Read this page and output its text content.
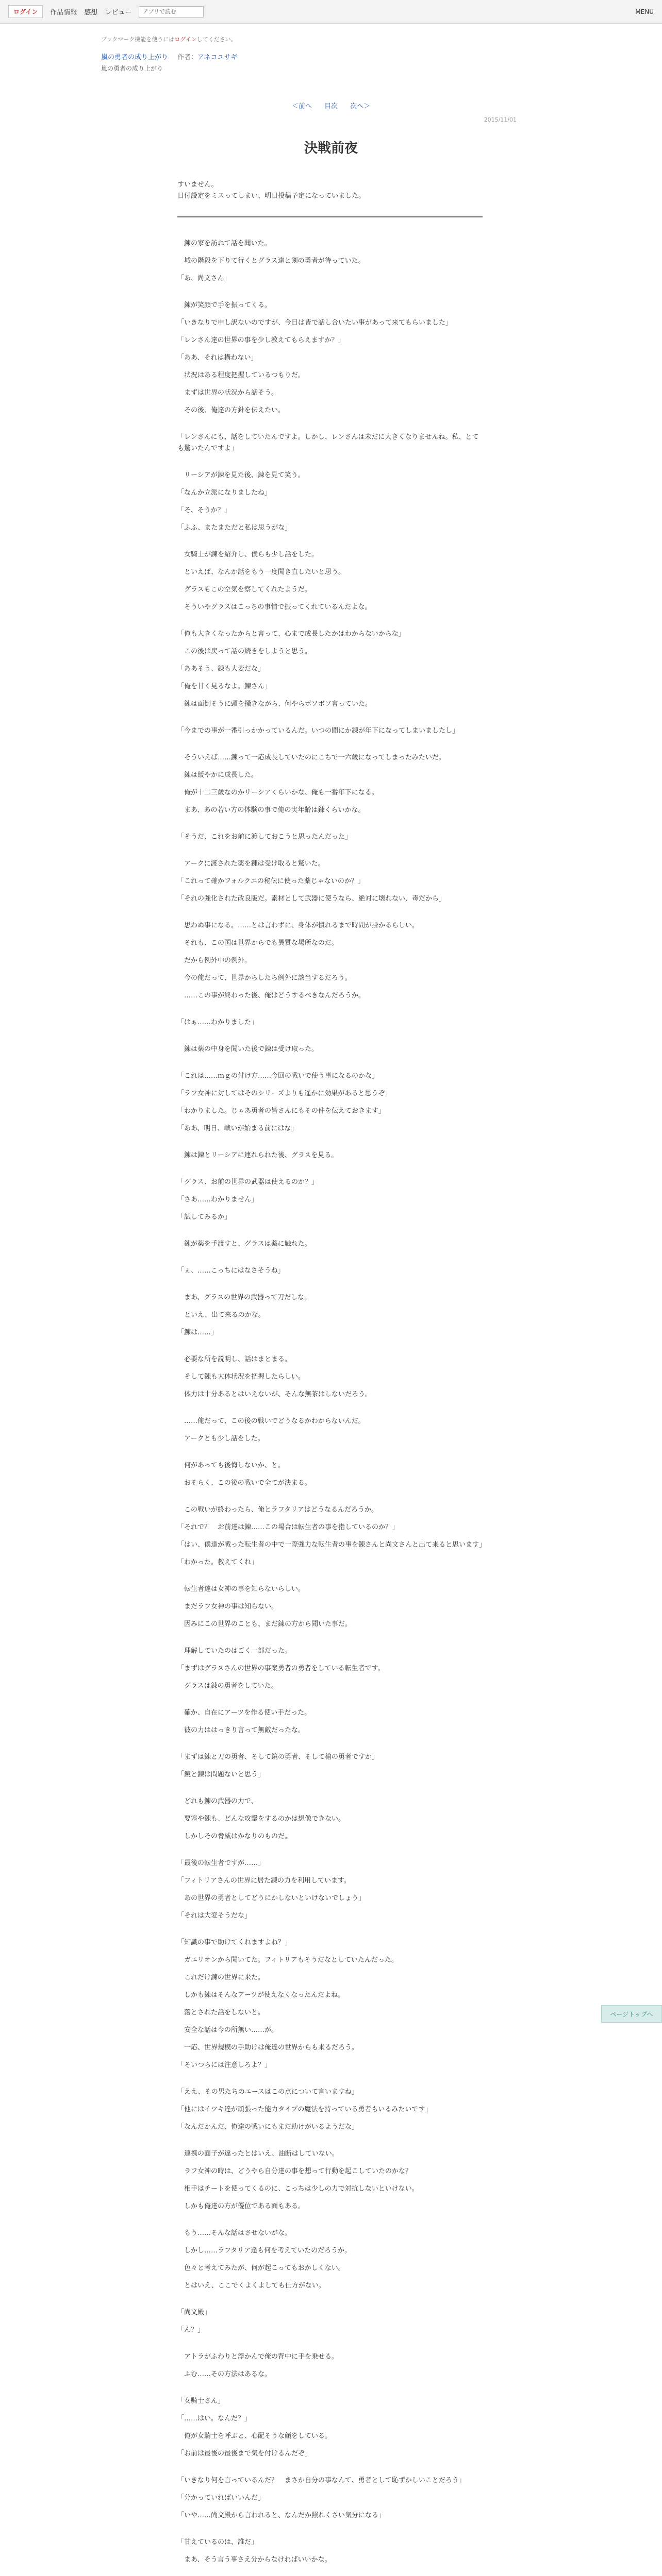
ログイン	作品情報 感想 レビュー
アプリで読む	MENU
ブックマーク機能を使うにはログインしてください。
嵐の勇者の成り上がり 作者：アネコユサギ
嵐の勇者の成り上がり
＜前へ 目次 次へ＞
2015/11/01
決戦前夜

すいません。

日付設定をミスってしまい、明日投稿予定になっていました。

　錬の家を訪ねて話を聞いた。

　城の階段を下りて行くとグラス達と剣の勇者が待っていた。

「あ、尚文さん」

　錬が笑顔で手を振ってくる。

「いきなりで申し訳ないのですが、今日は皆で話し合いたい事があって来てもらいました」

「レンさん達の世界の事を少し教えてもらえますか？」

「ああ、それは構わない」

　状況はある程度把握しているつもりだ。

　まずは世界の状況から話そう。

　その後、俺達の方針を伝えたい。

「レンさんにも、話をしていたんですよ。しかし、レンさんは未だに大きくなりませんね。私、とても驚いたんですよ」

　リーシアが錬を見た後、錬を見て笑う。

「なんか立派になりましたね」

「そ、そうか？」

「ふふ、またまただと私は思うがな」

　女騎士が錬を紹介し、僕らも少し話をした。

　といえば、なんか話をもう一度聞き直したいと思う。

　グラスもこの空気を察してくれたようだ。

　そういやグラスはこっちの事情で振ってくれているんだよな。

「俺も大きくなったからと言って、心まで成長したかはわからないからな」

　この後は戻って話の続きをしようと思う。

「ああそう、錬も大変だな」

「俺を甘く見るなよ。錬さん」

　錬は面倒そうに頭を掻きながら、何やらボソボソ言っていた。

「今までの事が一番引っかかっているんだ。いつの間にか錬が年下になってしまいましたし」

　そういえば……錬って一応成長していたのにこちで一六歳になってしまったみたいだ。

　錬は緩やかに成長した。

　俺が十二三歳なのかリーシアくらいかな、俺も一番年下になる。

　まあ、あの若い方の体験の事で俺の実年齢は錬くらいかな。

「そうだ、これをお前に渡しておこうと思ったんだった」

　アークに渡された薬を錬は受け取ると驚いた。

「これって確かフォルクエの秘伝に使った薬じゃないのか？」

「それの強化された改良版だ。素材として武器に使うなら、絶対に壊れない、毒だから」

　思わぬ事になる。……とは言わずに、身体が慣れるまで時間が掛かるらしい。

　それも、この国は世界からでも異質な場所なのだ。

　だから例外中の例外。

　今の俺だって、世界からしたら例外に該当するだろう。

　……この事が終わった後、俺はどうするべきなんだろうか。

「はぁ……わかりました」

　錬は薬の中身を聞いた後で錬は受け取った。

「これは……ｍｇの付け方……今回の戦いで使う事になるのかな」

「ラフ女神に対してはそのシリーズよりも遥かに効果があると思うぞ」

「わかりました。じゃあ勇者の皆さんにもその件を伝えておきます」

「ああ、明日、戦いが始まる前にはな」

　錬は錬とリーシアに連れられた後、グラスを見る。

「グラス、お前の世界の武器は使えるのか？」

「さあ……わかりません」

「試してみるか」

　錬が薬を手渡すと、グラスは薬に触れた。

「ぇ、……こっちにはなさそうね」

　まあ、グラスの世界の武器って刀だしな。

　といえ、出て来るのかな。

「錬は……」

　必要な所を説明し、話はまとまる。

　そして錬も大体状況を把握したらしい。

　体力は十分あるとはいえないが、そんな無茶はしないだろう。

　……俺だって、この後の戦いでどうなるかわからないんだ。

　アークとも少し話をした。

　何があっても後悔しないか、と。

　おそらく、この後の戦いで全てが決まる。

　この戦いが終わったら、俺とラフタリアはどうなるんだろうか。

「それで？　お前達は錬……この場合は転生者の事を指しているのか？」

「はい、僕達が戦った転生者の中で一際強力な転生者の事を錬さんと尚文さんと出て来ると思います」

「わかった。教えてくれ」

　転生者達は女神の事を知らないらしい。

　まだラフ女神の事は知らない。

　因みにこの世界のことも、まだ錬の方から聞いた事だ。

　理解していたのはごく一部だった。

「まずはグラスさんの世界の事案勇者の勇者をしている転生者です。

　グラスは錬の勇者をしていた。

　確か、自在にアーツを作る使い手だった。

　彼の力ははっきり言って無敵だったな。

「まずは錬と刀の勇者、そして鏡の勇者、そして槍の勇者ですか」

「鏡と錬は問題ないと思う」

　どれも錬の武器の力で、

　要塞や錬も、どんな攻撃をするのかは想像できない。

　しかしその脅威はかなりのものだ。

「最後の転生者ですが……」

「フィトリアさんの世界に居た錬の力を利用しています。

　あの世界の勇者としてどうにかしないといけないでしょう」

「それは大変そうだな」

「知識の事で助けてくれますよね？」

　ガエリオンから聞いてた。フィトリアもそうだなとしていたんだった。

　これだけ錬の世界に来た。

　しかも錬はそんなアーツが使えなくなったんだよね。

　落とされた話をしないと。

　安全な話は今の所無い……が。

　一応、世界規模の手助けは俺達の世界からも来るだろう。

「そいつらには注意しろよ？」

「ええ、その男たちのエースはこの点について言いますね」

「他にはイツキ達が頑張った能力タイプの魔法を持っている勇者もいるみたいです」

「なんだかんだ、俺達の戦いにもまだ助けがいるようだな」

　連携の面子が違ったとはいえ、油断はしていない。

　ラフ女神の時は、どうやら自分達の事を想って行動を起こしていたのかな？

　相手はチートを使ってくるのに、こっちは少しの力で対抗しないといけない。

　しかも俺達の方が優位である面もある。

　もう……そんな話はさせないがな。

　しかし……ラフタリア達も何を考えていたのだろうか。

　色々と考えてみたが、何が起こってもおかしくない。

　とはいえ、ここでくよくよしても仕方がない。

「尚文殿」

「ん？」

　アトラがふわりと浮かんで俺の背中に手を乗せる。

　ふむ……その方法はあるな。

「女騎士さん」

「……はい。なんだ？」

　俺が女騎士を呼ぶと、心配そうな顔をしている。

「お前は最後の最後まで気を付けるんだぞ」

「いきなり何を言っているんだ？　まさか自分の事なんて、勇者として恥ずかしいことだろう」

「分かっていればいいんだ」

「いや……尚文殿から言われると、なんだか照れくさい気分になる」

「甘えているのは、誰だ」

　まあ、そう言う事さえ分からなければいいかな。

ページトップへ
